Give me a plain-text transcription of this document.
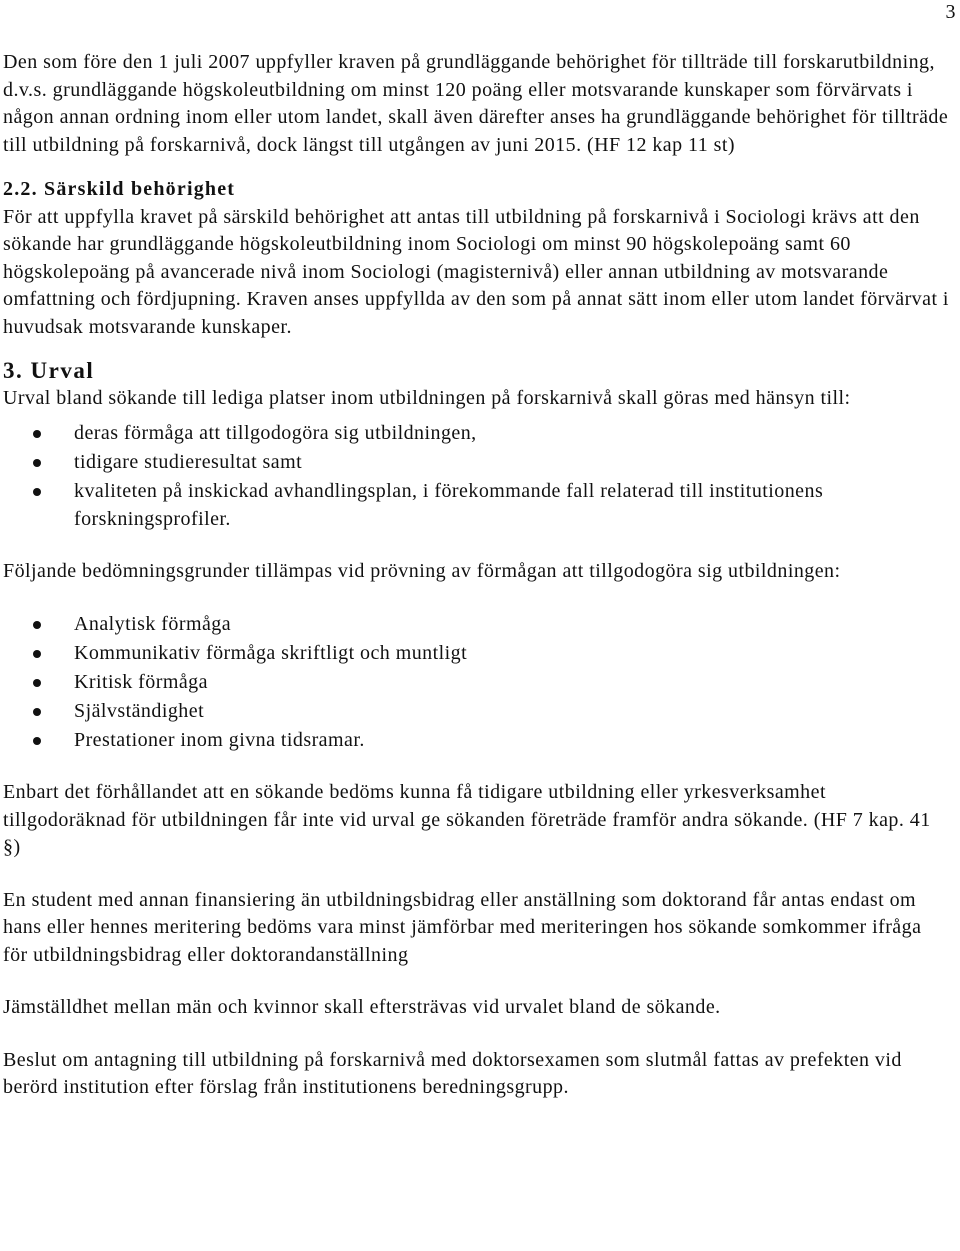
3

Den som före den 1 juli 2007 uppfyller kraven på grundläggande behörighet för tillträde till forskarutbildning, d.v.s. grundläggande högskoleutbildning om minst 120 poäng eller motsvarande kunskaper som förvärvats i någon annan ordning inom eller utom landet, skall även därefter anses ha grundläggande behörighet för tillträde till utbildning på forskarnivå, dock längst till utgången av juni 2015. (HF 12 kap 11 st)

2.2. Särskild behörighet

För att uppfylla kravet på särskild behörighet att antas till utbildning på forskarnivå i Sociologi krävs att den sökande har grundläggande högskoleutbildning inom Sociologi om minst 90 högskolepoäng samt 60 högskolepoäng på avancerade nivå inom Sociologi (magisternivå) eller annan utbildning av motsvarande omfattning och fördjupning. Kraven anses uppfyllda av den som på annat sätt inom eller utom landet förvärvat i huvudsak motsvarande kunskaper.

3. Urval

Urval bland sökande till lediga platser inom utbildningen på forskarnivå skall göras med hänsyn till:

deras förmåga att tillgodogöra sig utbildningen,
tidigare studieresultat samt
kvaliteten på inskickad avhandlingsplan, i förekommande fall relaterad till institutionens forskningsprofiler.

Följande bedömningsgrunder tillämpas vid prövning av förmågan att tillgodogöra sig utbildningen:

Analytisk förmåga
Kommunikativ förmåga skriftligt och muntligt
Kritisk förmåga
Självständighet
Prestationer inom givna tidsramar.

Enbart det förhållandet att en sökande bedöms kunna få tidigare utbildning eller yrkesverksamhet tillgodoräknad för utbildningen får inte vid urval ge sökanden företräde framför andra sökande. (HF 7 kap. 41 §)

En student med annan finansiering än utbildningsbidrag eller anställning som doktorand får antas endast om hans eller hennes meritering bedöms vara minst jämförbar med meriteringen hos sökande somkommer ifråga för utbildningsbidrag eller doktorandanställning

Jämställdhet mellan män och kvinnor skall eftersträvas vid urvalet bland de sökande.

Beslut om antagning till utbildning på forskarnivå med doktorsexamen som slutmål fattas av prefekten vid berörd institution efter förslag från institutionens beredningsgrupp.
